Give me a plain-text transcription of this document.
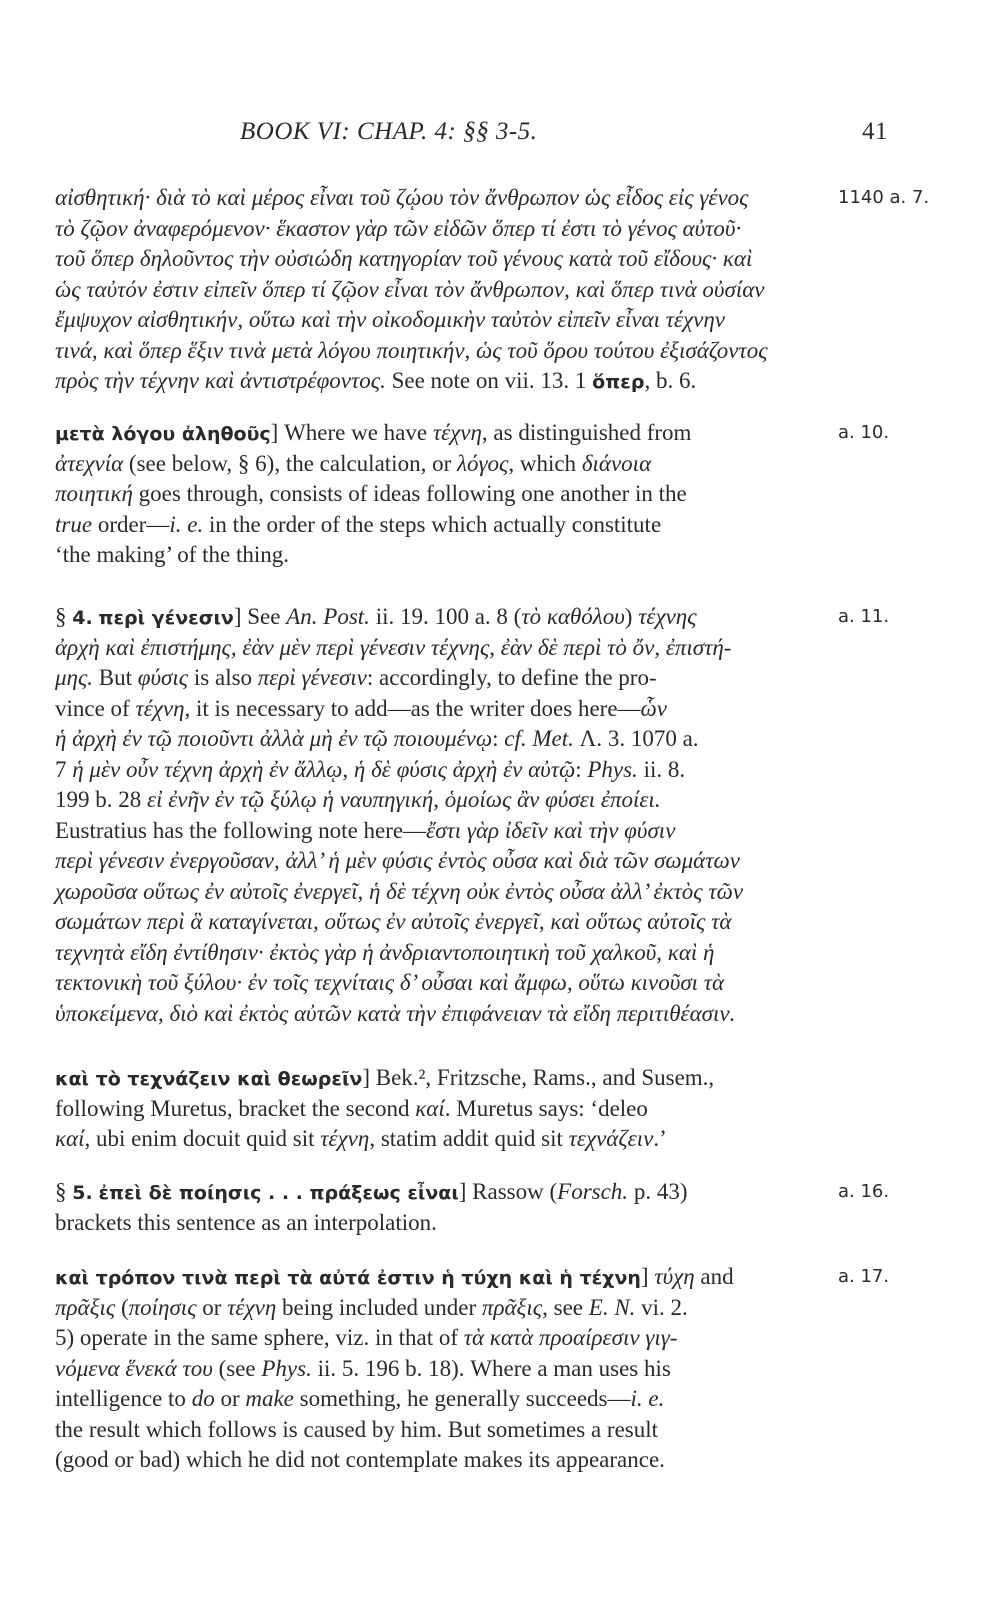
BOOK VI: CHAP. 4: §§ 3-5.	41
αἰσθητική· διὰ τὸ καὶ μέρος εἶναι τοῦ ζῴου τὸν ἄνθρωπον ὡς εἶδος εἰς γένος
τὸ ζῷον ἀναφερόμενον· ἕκαστον γὰρ τῶν εἰδῶν ὅπερ τί ἐστι τὸ γένος αὐτοῦ·
τοῦ ὅπερ δηλοῦντος τὴν οὐσιώδη κατηγορίαν τοῦ γένους κατὰ τοῦ εἴδους· καὶ
ὡς ταὐτόν ἐστιν εἰπεῖν ὅπερ τί ζῷον εἶναι τὸν ἄνθρωπον, καὶ ὅπερ τινὰ οὐσίαν
ἔμψυχον αἰσθητικήν, οὕτω καὶ τὴν οἰκοδομικὴν ταὐτὸν εἰπεῖν εἶναι τέχνην
τινά, καὶ ὅπερ ἕξιν τινὰ μετὰ λόγου ποιητικήν, ὡς τοῦ ὅρου τούτου ἐξισάζοντος
πρὸς τὴν τέχνην καὶ ἀντιστρέφοντος. See note on vii. 13. 1 ὅπερ, b. 6.
1140 a. 7.
μετὰ λόγου ἀληθοῦς] Where we have τέχνη, as distinguished from
ἀτεχνία (see below, § 6), the calculation, or λόγος, which διάνοια
ποιητική goes through, consists of ideas following one another in the
true order—i. e. in the order of the steps which actually constitute
‘the making’ of the thing.
a. 10.
§ 4. περὶ γένεσιν] See An. Post. ii. 19. 100 a. 8 (τὸ καθόλου) τέχνης
ἀρχὴ καὶ ἐπιστήμης, ἐὰν μὲν περὶ γένεσιν τέχνης, ἐὰν δὲ περὶ τὸ ὄν, ἐπιστή-
μης. But φύσις is also περὶ γένεσιν: accordingly, to define the pro-
vince of τέχνη, it is necessary to add—as the writer does here—ὧν
ἡ ἀρχὴ ἐν τῷ ποιοῦντι ἀλλὰ μὴ ἐν τῷ ποιουμένῳ: cf. Met. Λ. 3. 1070 a.
7 ἡ μὲν οὖν τέχνη ἀρχὴ ἐν ἄλλῳ, ἡ δὲ φύσις ἀρχὴ ἐν αὐτῷ: Phys. ii. 8.
199 b. 28 εἰ ἐνῆν ἐν τῷ ξύλῳ ἡ ναυπηγική, ὁμοίως ἂν φύσει ἐποίει.
Eustratius has the following note here—ἔστι γὰρ ἰδεῖν καὶ τὴν φύσιν
περὶ γένεσιν ἐνεργοῦσαν, ἀλλ’ ἡ μὲν φύσις ἐντὸς οὖσα καὶ διὰ τῶν σωμάτων
χωροῦσα οὕτως ἐν αὐτοῖς ἐνεργεῖ, ἡ δὲ τέχνη οὐκ ἐντὸς οὖσα ἀλλ’ ἐκτὸς τῶν
σωμάτων περὶ ἃ καταγίνεται, οὕτως ἐν αὐτοῖς ἐνεργεῖ, καὶ οὕτως αὐτοῖς τὰ
τεχνητὰ εἴδη ἐντίθησιν· ἐκτὸς γὰρ ἡ ἀνδριαντοποιητικὴ τοῦ χαλκοῦ, καὶ ἡ
τεκτονικὴ τοῦ ξύλου· ἐν τοῖς τεχνίταις δ’ οὖσαι καὶ ἄμφω, οὕτω κινοῦσι τὰ
ὑποκείμενα, διὸ καὶ ἐκτὸς αὐτῶν κατὰ τὴν ἐπιφάνειαν τὰ εἴδη περιτιθέασιν.
a. 11.
καὶ τὸ τεχνάζειν καὶ θεωρεῖν] Bek.², Fritzsche, Rams., and Susem.,
following Muretus, bracket the second καί. Muretus says: ‘deleo
καί, ubi enim docuit quid sit τέχνη, statim addit quid sit τεχνάζειν.’
§ 5. ἐπεὶ δὲ ποίησις . . . πράξεως εἶναι] Rassow (Forsch. p. 43)
brackets this sentence as an interpolation.
a. 16.
καὶ τρόπον τινὰ περὶ τὰ αὐτά ἐστιν ἡ τύχη καὶ ἡ τέχνη] τύχη and
πρᾶξις (ποίησις or τέχνη being included under πρᾶξις, see E. N. vi. 2.
5) operate in the same sphere, viz. in that of τὰ κατὰ προαίρεσιν γιγ-
νόμενα ἕνεκά του (see Phys. ii. 5. 196 b. 18). Where a man uses his
intelligence to do or make something, he generally succeeds—i. e.
the result which follows is caused by him. But sometimes a result
(good or bad) which he did not contemplate makes its appearance.
a. 17.
